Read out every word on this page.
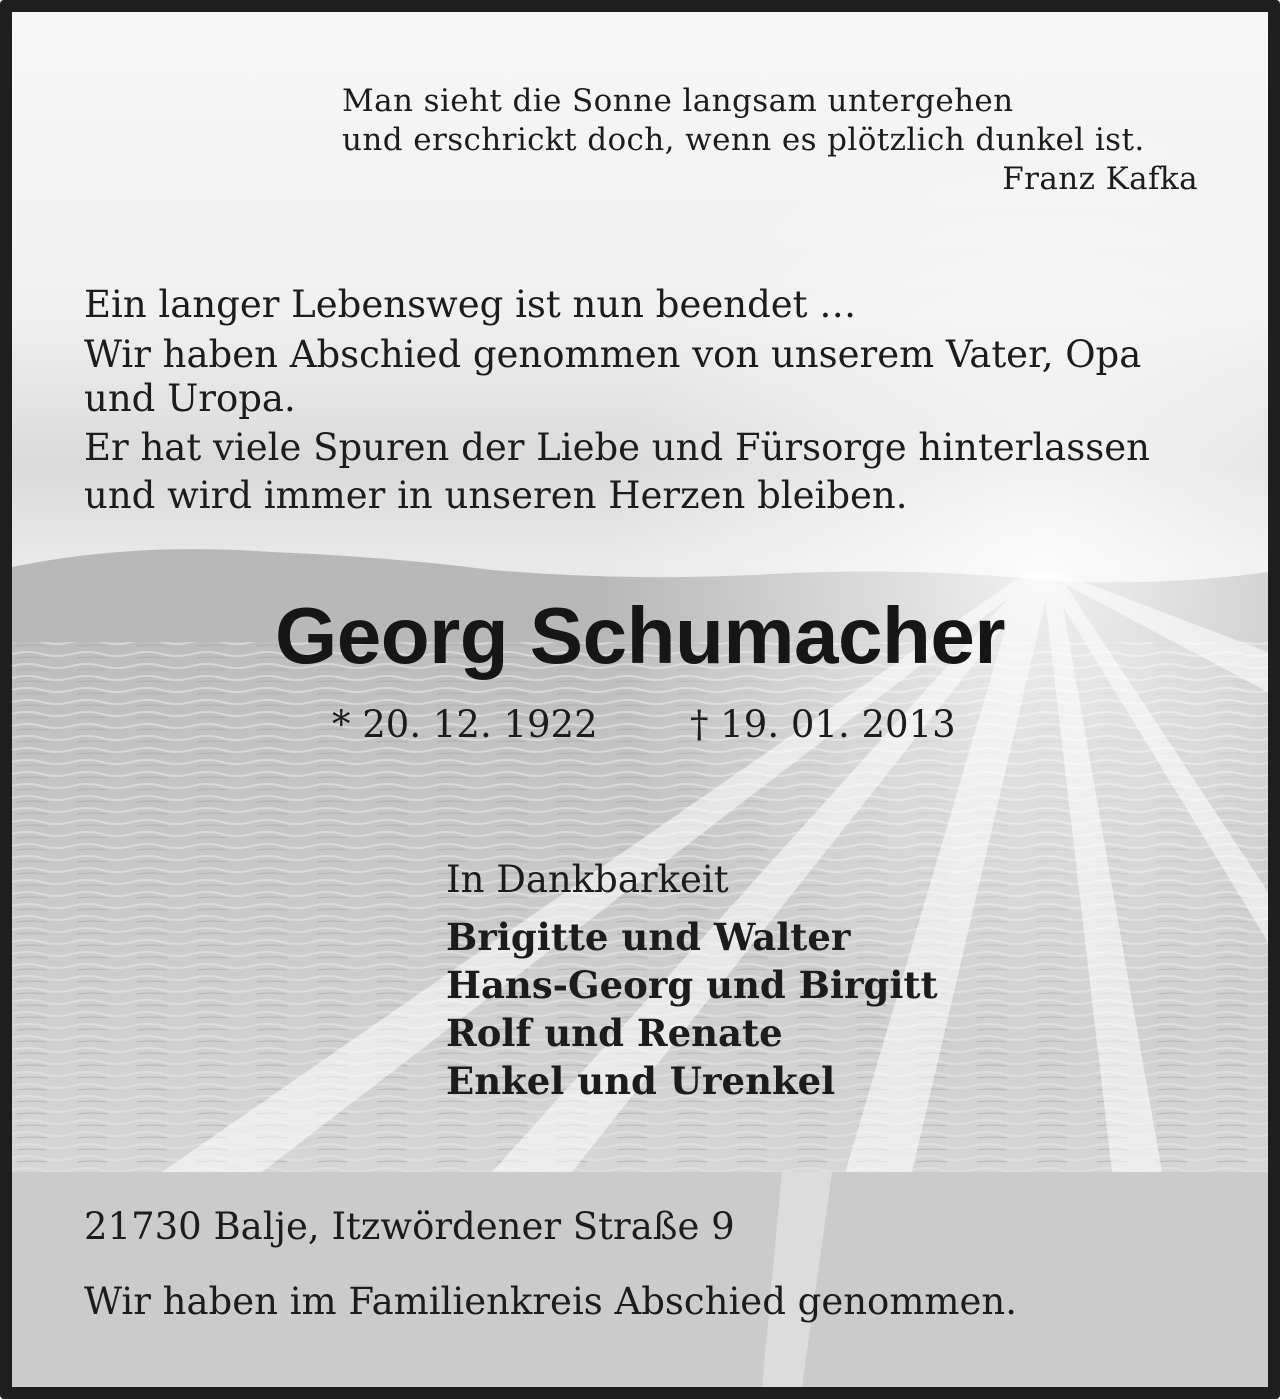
Man sieht die Sonne langsam untergehen

und erschrickt doch, wenn es plötzlich dunkel ist.

Franz Kafka

Ein langer Lebensweg ist nun beendet …

Wir haben Abschied genommen von unserem Vater, Opa

und Uropa.

Er hat viele Spuren der Liebe und Fürsorge hinterlassen

und wird immer in unseren Herzen bleiben.

Georg Schumacher

* 20. 12. 1922 † 19. 01. 2013

In Dankbarkeit

Brigitte und Walter

Hans-Georg und Birgitt

Rolf und Renate

Enkel und Urenkel

21730 Balje, Itzwördener Straße 9

Wir haben im Familienkreis Abschied genommen.
